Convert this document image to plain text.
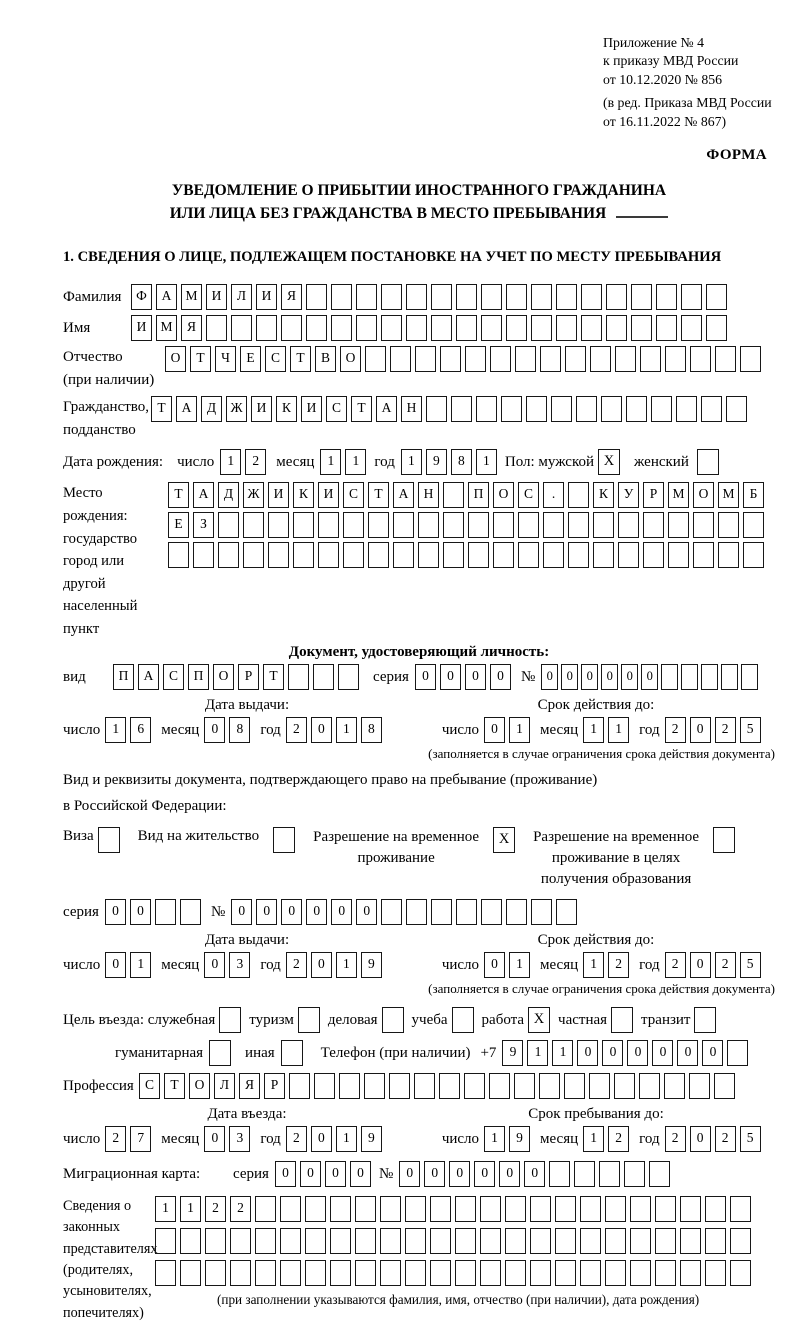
Приложение № 4
к приказу МВД России
от 10.12.2020 № 856
(в ред. Приказа МВД России
от 16.11.2022 № 867)
ФОРМА
УВЕДОМЛЕНИЕ О ПРИБЫТИИ ИНОСТРАННОГО ГРАЖДАНИНА
ИЛИ ЛИЦА БЕЗ ГРАЖДАНСТВА В МЕСТО ПРЕБЫВАНИЯ
1. СВЕДЕНИЯ О ЛИЦЕ, ПОДЛЕЖАЩЕМ ПОСТАНОВКЕ НА УЧЕТ ПО МЕСТУ ПРЕБЫВАНИЯ
Фамилия	Ф А М И Л И Я
Имя	И М Я
Отчество
(при наличии)
О Т Ч Е С Т В О
Гражданство,
подданство
Т А Д Ж И К И С Т А Н
Дата рождения: число 1 2	месяц 1 1	год 1 9 8 1	Пол: мужской X	женский
Место рождения:
государство
город или другой
населенный пункт
Т А Д Ж И К И С Т А Н	П О С .	К У Р М О М Б
Е З
Документ, удостоверяющий личность:
вид	П А С П О Р Т	серия 0 0 0 0	№ 0 0 0 0 0 0
Дата выдачи:	Срок действия до:
число 1 6	месяц 0 8	год 2 0 1 8	число 0 1	месяц 1 1	год 2 0 2 5
(заполняется в случае ограничения срока действия документа)
Вид и реквизиты документа, подтверждающего право на пребывание (проживание)
в Российской Федерации:
Виза	Вид на жительство	Разрешение на временное
проживание
X	Разрешение на временное
проживание в целях
получения образования
серия 0 0	№ 0 0 0 0 0 0
Дата выдачи:	Срок действия до:
число 0 1	месяц 0 3	год 2 0 1 9	число 0 1	месяц 1 2	год 2 0 2 5
(заполняется в случае ограничения срока действия документа)
Цель въезда: служебная туризм деловая учеба работа X частная транзит
гуманитарная	иная	Телефон (при наличии) +7 9 1 1 0 0 0 0 0 0
Профессия С Т О Л Я Р
Дата въезда:	Срок пребывания до:
число 2 7	месяц 0 3	год 2 0 1 9	число 1 9	месяц 1 2	год 2 0 2 5
Миграционная карта:	серия 0 0 0 0	№ 0 0 0 0 0 0
Сведения о
законных
представителях
(родителях,
усыновителях,
попечителях)
1 1 2 2
(при заполнении указываются фамилия, имя, отчество (при наличии), дата рождения)
